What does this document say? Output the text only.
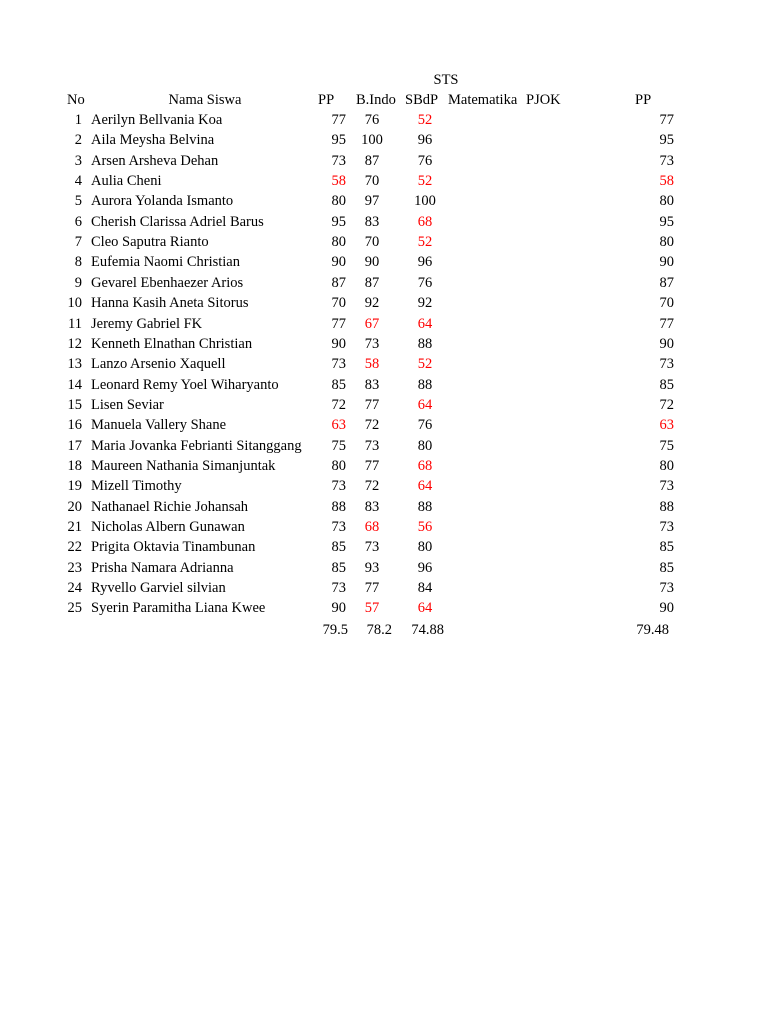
STS
No	Nama Siswa	PP	B.Indo SBdP Matematika PJOK	PP
1 Aerilyn Bellvania Koa	77	76	52	77
2 Aila Meysha Belvina	95	100	96	95
3 Arsen Arsheva Dehan	73	87	76	73
4 Aulia Cheni	58	70	52	58
5 Aurora Yolanda Ismanto	80	97	100	80
6 Cherish Clarissa Adriel Barus	95	83	68	95
7 Cleo Saputra Rianto	80	70	52	80
8 Eufemia Naomi Christian	90	90	96	90
9 Gevarel Ebenhaezer Arios	87	87	76	87
10 Hanna Kasih Aneta Sitorus	70	92	92	70
11 Jeremy Gabriel FK	77	67	64	77
12 Kenneth Elnathan Christian	90	73	88	90
13 Lanzo Arsenio Xaquell	73	58	52	73
14 Leonard Remy Yoel Wiharyanto	85	83	88	85
15 Lisen Seviar	72	77	64	72
16 Manuela Vallery Shane	63	72	76	63
17 Maria Jovanka Febrianti Sitanggang	75	73	80	75
18 Maureen Nathania Simanjuntak	80	77	68	80
19 Mizell Timothy	73	72	64	73
20 Nathanael Richie Johansah	88	83	88	88
21 Nicholas Albern Gunawan	73	68	56	73
22 Prigita Oktavia Tinambunan	85	73	80	85
23 Prisha Namara Adrianna	85	93	96	85
24 Ryvello Garviel silvian	73	77	84	73
25 Syerin Paramitha Liana Kwee	90	57	64	90
79.5	78.2	74.88	79.48
